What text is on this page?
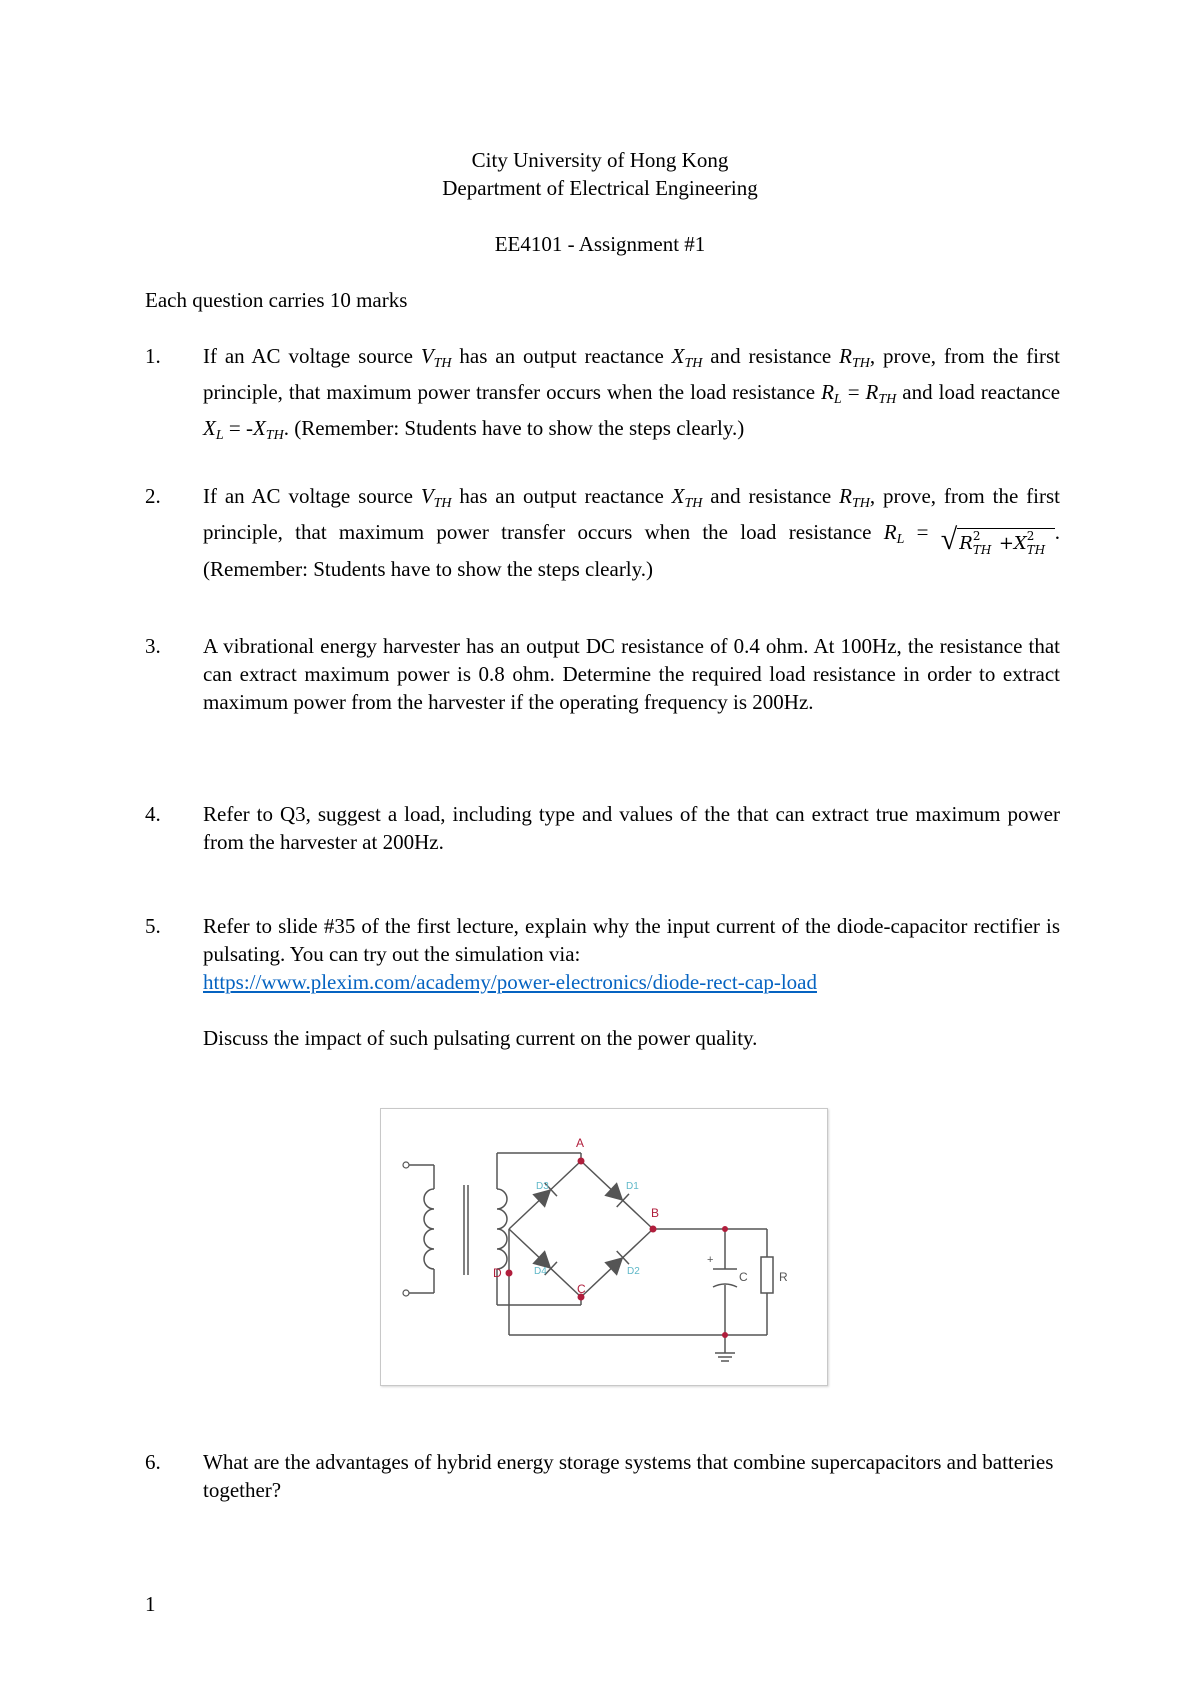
City University of Hong Kong
Department of Electrical Engineering
EE4101 - Assignment #1
Each question carries 10 marks
1. If an AC voltage source $V_{TH}$ has an output reactance $X_{TH}$ and resistance $R_{TH}$, prove, from the first principle, that maximum power transfer occurs when the load resistance $R_L = R_{TH}$ and load reactance $X_L = -X_{TH}$. (Remember: Students have to show the steps clearly.)

2. If an AC voltage source $V_{TH}$ has an output reactance $X_{TH}$ and resistance $R_{TH}$, prove, from the first principle, that maximum power transfer occurs when the load resistance $R_L$ = √ R 2
TH +X 2
TH
. (Remember: Students have to show the steps clearly.)

3. A vibrational energy harvester has an output DC resistance of 0.4 ohm. At 100Hz, the resistance that can extract maximum power is 0.8 ohm. Determine the required load resistance in order to extract maximum power from the harvester if the operating frequency is 200Hz.

4. Refer to Q3, suggest a load, including type and values of the that can extract true maximum power from the harvester at 200Hz.

5. Refer to slide #35 of the first lecture, explain why the input current of the diode-capacitor rectifier is pulsating. You can try out the simulation via:
https://www.plexim.com/academy/power-electronics/diode-rect-cap-load

Discuss the impact of such pulsating current on the power quality.

A
B
C
D
D3	D1
D4	D2
+
C	R
6. What are the advantages of hybrid energy storage systems that combine supercapacitors and batteries together?

1
